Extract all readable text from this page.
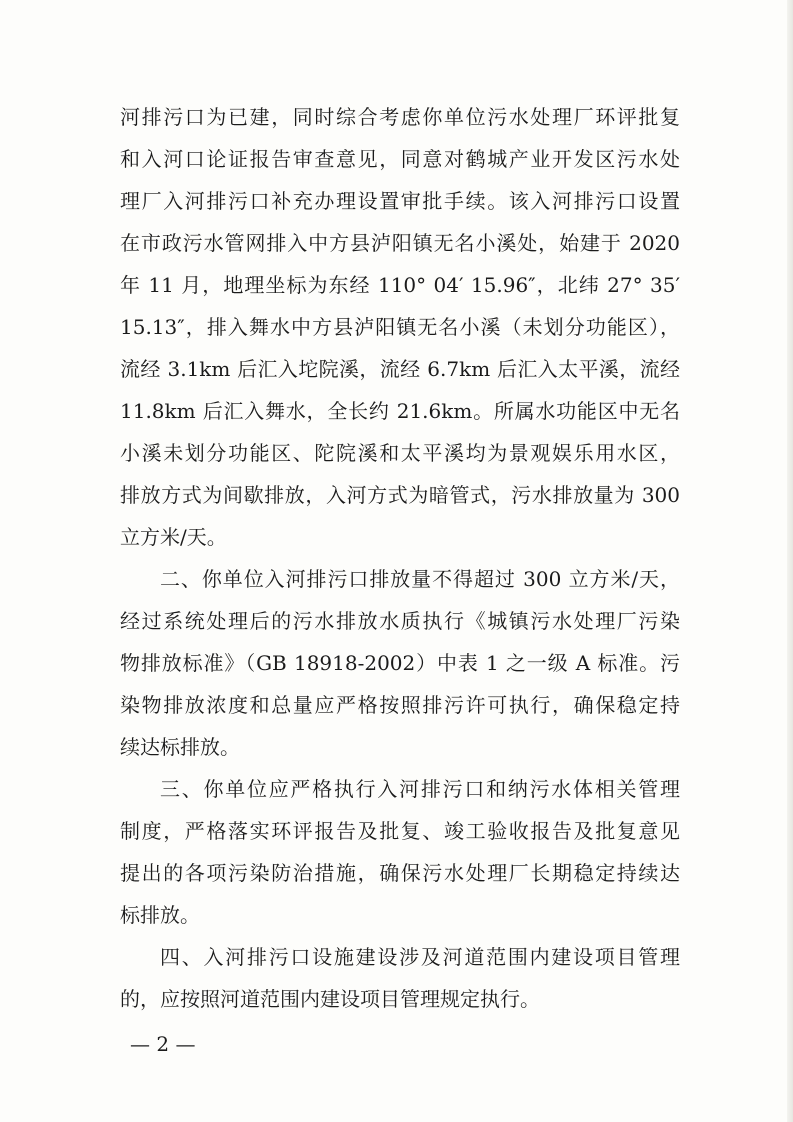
河排污口为已建，同时综合考虑你单位污水处理厂环评批复
和入河口论证报告审查意见，同意对鹤城产业开发区污水处
理厂入河排污口补充办理设置审批手续。该入河排污口设置
在市政污水管网排入中方县泸阳镇无名小溪处，始建于 2020
年 11 月，地理坐标为东经 110° 04′ 15.96″，北纬 27° 35′
15.13″，排入舞水中方县泸阳镇无名小溪（未划分功能区），
流经 3.1km 后汇入坨院溪，流经 6.7km 后汇入太平溪，流经
11.8km 后汇入舞水，全长约 21.6km。所属水功能区中无名
小溪未划分功能区、陀院溪和太平溪均为景观娱乐用水区，
排放方式为间歇排放，入河方式为暗管式，污水排放量为 300
立方米/天。
二、你单位入河排污口排放量不得超过 300 立方米/天，
经过系统处理后的污水排放水质执行《城镇污水处理厂污染
物排放标准》（GB 18918-2002）中表 1 之一级 A 标准。污
染物排放浓度和总量应严格按照排污许可执行，确保稳定持
续达标排放。
三、你单位应严格执行入河排污口和纳污水体相关管理
制度，严格落实环评报告及批复、竣工验收报告及批复意见
提出的各项污染防治措施，确保污水处理厂长期稳定持续达
标排放。
四、入河排污口设施建设涉及河道范围内建设项目管理
的，应按照河道范围内建设项目管理规定执行。
— 2 —
